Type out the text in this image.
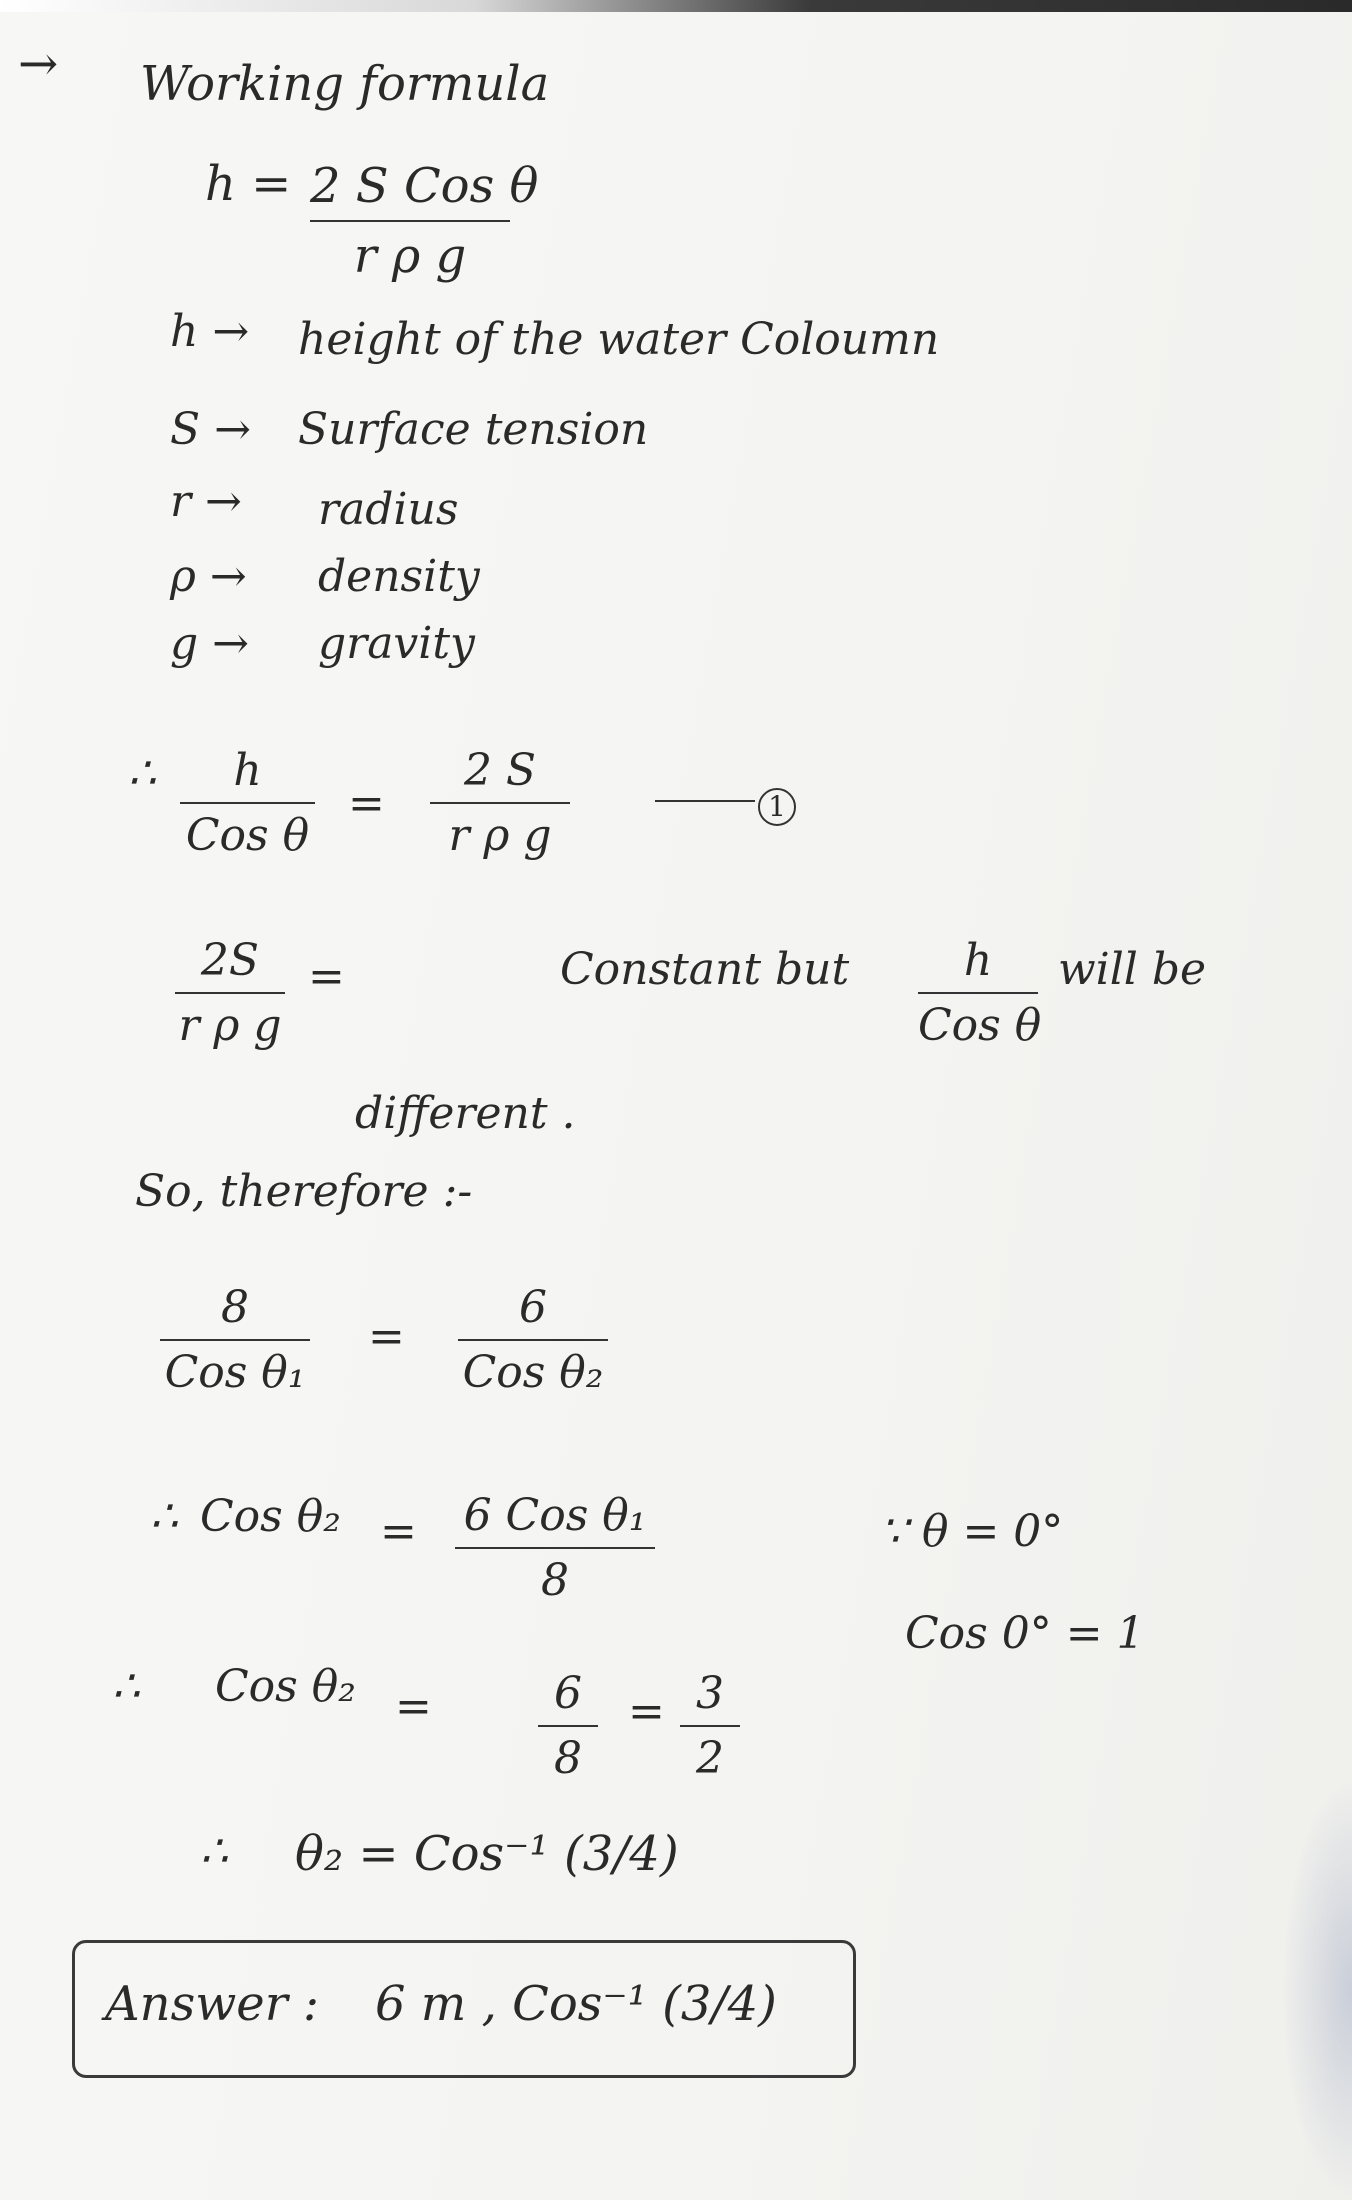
→ Working formula
h = 2 S Cos θ
r ρ g
h → height of the water Coloumn
S → Surface tension
r → radius
ρ → density
g → gravity
∴	h
Cos θ
=
2 S
r ρ g
1
2S
r ρ g
=	Constant but	h
Cos θ
will be
different .
So, therefore :-
8
Cos θ₁
=
6
Cos θ₂
∴ Cos θ₂ = 6 Cos θ₁
8
∵ θ = 0°
Cos 0° = 1
∴ Cos θ₂ =	6
8
= 3
2
∴ θ₂ = Cos⁻¹ (3/4)
Answer : 6 m , Cos⁻¹ (3/4)
